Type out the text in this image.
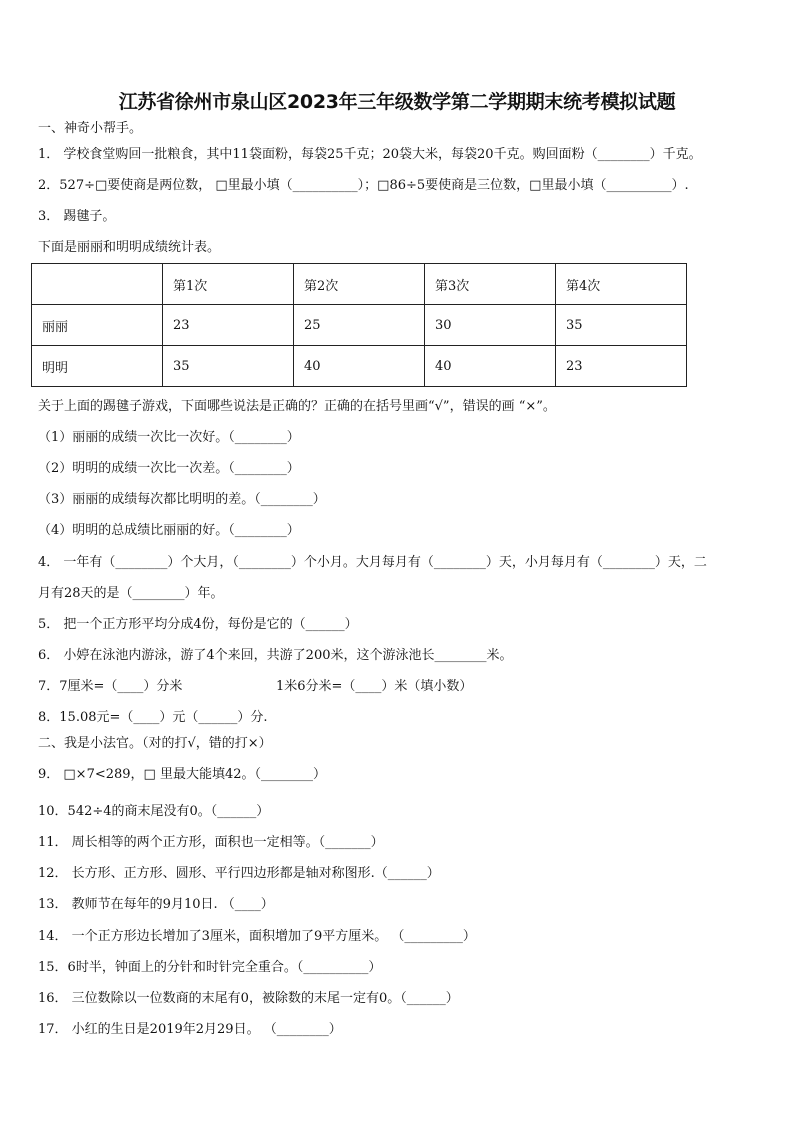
江苏省徐州市泉山区2023年三年级数学第二学期期末统考模拟试题
一、神奇小帮手。
1． 学校食堂购回一批粮食，其中11袋面粉，每袋25千克；20袋大米，每袋20千克。购回面粉（________）千克。
2．527÷□要使商是两位数， □里最小填（__________）；□86÷5要使商是三位数，□里最小填（__________）.
3． 踢毽子。
下面是丽丽和明明成绩统计表。
	第1次	第2次	第3次	第4次
丽丽	23	25	30	35
明明	35	40	40	23
关于上面的踢毽子游戏，下面哪些说法是正确的？正确的在括号里画“√”，错误的画 “×”。
（1）丽丽的成绩一次比一次好。（________）
（2）明明的成绩一次比一次差。（________）
（3）丽丽的成绩每次都比明明的差。（________）
（4）明明的总成绩比丽丽的好。（________）
4． 一年有（________）个大月，（________）个小月。大月每月有（________）天，小月每月有（________）天，二
月有28天的是（________）年。
5． 把一个正方形平均分成4份，每份是它的（______）
6． 小婷在泳池内游泳，游了4个来回，共游了200米，这个游泳池长________米。
7．7厘米=（____）分米	1米6分米=（____）米（填小数）
8．15.08元=（____）元（______）分.
二、我是小法官。（对的打√，错的打×）
9． □×7<289，□ 里最大能填42。（________）
10．542÷4的商末尾没有0。（______）
11． 周长相等的两个正方形，面积也一定相等。（_______）
12． 长方形、正方形、圆形、平行四边形都是轴对称图形.（______）
13． 教师节在每年的9月10日. （____）
14． 一个正方形边长增加了3厘米，面积增加了9平方厘米。 （_________）
15．6时半，钟面上的分针和时针完全重合。（__________）
16． 三位数除以一位数商的末尾有0，被除数的末尾一定有0。（______）
17． 小红的生日是2019年2月29日。 （________）
